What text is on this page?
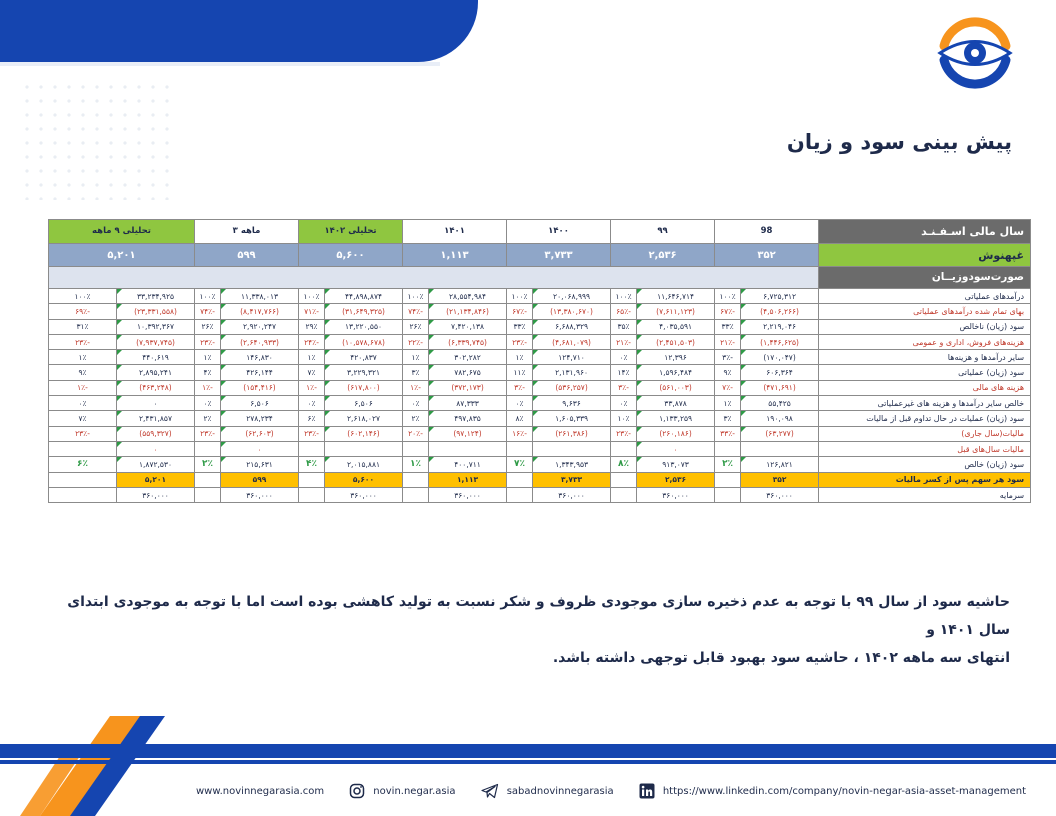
پیش بینی سود و زیان
سال مالی اسـفـنـد	98		۹۹		۱۴۰۰		۱۴۰۱		تحلیلی ۱۴۰۲		ماهه ۳		تحلیلی ۹ ماهه	
غپهنوش	۳۵۲		۲,۵۳۶		۳,۷۳۳		۱,۱۱۳		۵,۶۰۰		۵۹۹		۵,۲۰۱	
صورت‌سود‌و‌زیــان														
درآمدهای عملیاتی	۶,۷۲۵,۳۱۲	۱۰۰٪	۱۱,۶۴۶,۷۱۴	۱۰۰٪	۲۰,۰۶۸,۹۹۹	۱۰۰٪	۲۸,۵۵۴,۹۸۴	۱۰۰٪	۴۴,۸۹۸,۸۷۴	۱۰۰٪	۱۱,۳۳۸,۰۱۳	۱۰۰٪	۳۳,۲۳۴,۹۲۵	۱۰۰٪
بهای تمام شده درآمدهای عملیاتی	(۴,۵۰۶,۲۶۶)	-۶۷٪	(۷,۶۱۱,۱۲۳)	-۶۵٪	(۱۳,۳۸۰,۶۷۰)	-۶۷٪	(۲۱,۱۳۴,۸۴۶)	-۷۴٪	(۳۱,۶۴۹,۳۲۵)	-۷۱٪	(۸,۴۱۷,۷۶۶)	-۷۴٪	(۲۳,۳۳۱,۵۵۸)	-۶۹٪
سود (زیان) ناخالص	۲,۲۱۹,۰۴۶	۳۳٪	۴,۰۳۵,۵۹۱	۳۵٪	۶,۶۸۸,۳۲۹	۳۳٪	۷,۴۲۰,۱۳۸	۲۶٪	۱۳,۲۲۰,۵۵۰	۲۹٪	۲,۹۲۰,۲۴۷	۲۶٪	۱۰,۳۹۲,۳۶۷	۳۱٪
هزینه‌های فروش، اداری و عمومی	(۱,۴۴۶,۶۲۵)	-۲۱٪	(۲,۴۵۱,۵۰۳)	-۲۱٪	(۴,۶۸۱,۰۷۹)	-۲۳٪	(۶,۳۳۹,۷۴۵)	-۲۲٪	(۱۰,۵۷۸,۶۷۸)	-۲۴٪	(۲,۶۴۰,۹۳۳)	-۲۳٪	(۷,۹۳۷,۷۴۵)	-۲۳٪
سایر درآمدها و هزینه‌ها	(۱۷۰,۰۴۷)	-۳٪	۱۲,۳۹۶	۰٪	۱۲۴,۷۱۰	۱٪	۳۰۲,۲۸۲	۱٪	۴۲۰,۸۳۷	۱٪	۱۴۶,۸۳۰	۱٪	۴۴۰,۶۱۹	۱٪
سود (زیان) عملیاتی	۶۰۶,۳۶۴	۹٪	۱,۵۹۶,۴۸۴	۱۴٪	۲,۱۳۱,۹۶۰	۱۱٪	۷۸۲,۶۷۵	۳٪	۳,۲۲۹,۳۲۱	۷٪	۴۲۶,۱۴۴	۴٪	۲,۸۹۵,۲۴۱	۹٪
هزینه های مالی	(۴۷۱,۶۹۱)	-۷٪	(۵۶۱,۰۰۳)	-۳٪	(۵۳۶,۲۵۷)	-۳٪	(۳۷۲,۱۷۳)	-۱٪	(۶۱۷,۸۰۰)	-۱٪	(۱۵۴,۴۱۶)	-۱٪	(۴۶۳,۲۴۸)	-۱٪
خالص سایر درآمدها و هزینه های غیرعملیاتی	۵۵,۴۲۵	۱٪	۳۳,۸۷۸	۰٪	۹,۶۳۶	۰٪	۸۷,۳۳۳	۰٪	۶,۵۰۶	۰٪	۶,۵۰۶	۰٪	۰	۰٪
سود (زیان) عملیات در حال تداوم قبل از مالیات	۱۹۰,۰۹۸	۳٪	۱,۱۳۳,۲۵۹	۱۰٪	۱,۶۰۵,۳۳۹	۸٪	۴۹۷,۸۳۵	۲٪	۲,۶۱۸,۰۲۷	۶٪	۲۷۸,۲۳۴	۲٪	۲,۴۳۱,۸۵۷	۷٪
مالیات(سال جاری)	(۶۳,۲۷۷)	-۳۳٪	(۲۶۰,۱۸۶)	-۲۳٪	(۲۶۱,۳۸۶)	-۱۶٪	(۹۷,۱۲۴)	-۲۰٪	(۶۰۲,۱۴۶)	-۲۳٪	(۶۲,۶۰۳)	-۲۳٪	(۵۵۹,۳۲۷)	-۲۳٪
مالیات سال‌های قبل			۰								۰		۰	
سود (زیان) خالص	۱۲۶,۸۲۱	۲٪	۹۱۳,۰۷۳	۸٪	۱,۳۴۳,۹۵۳	۷٪	۴۰۰,۷۱۱	۱٪	۲,۰۱۵,۸۸۱	۴٪	۲۱۵,۶۳۱	۲٪	۱,۸۷۲,۵۳۰	۶٪
سود هر سهم پس از کسر مالیات	۳۵۲		۲,۵۳۶		۳,۷۳۳		۱,۱۱۳		۵,۶۰۰		۵۹۹		۵,۲۰۱	
سرمایه	۳۶۰,۰۰۰		۳۶۰,۰۰۰		۳۶۰,۰۰۰		۳۶۰,۰۰۰		۳۶۰,۰۰۰		۳۶۰,۰۰۰		۳۶۰,۰۰۰	
حاشیه سود از سال ۹۹ با توجه به عدم ذخیره سازی موجودی ظروف و شکر نسبت به تولید کاهشی بوده است اما با توجه به موجودی ابتدای سال ۱۴۰۱ و
انتهای سه ماهه ۱۴۰۲ ، حاشیه سود بهبود قابل توجهی داشته باشد.
www.novinnegarasia.com	novin.negar.asia	sabadnovinnegarasia	https://www.linkedin.com/company/novin-negar-asia-asset-management
